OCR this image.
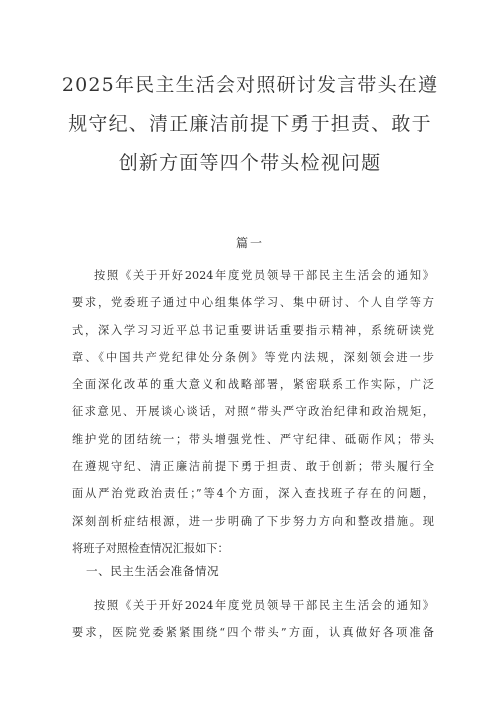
2025年民主生活会对照研讨发言带头在遵
规守纪、清正廉洁前提下勇于担责、敢于
创新方面等四个带头检视问题
篇一
按照《关于开好2024年度党员领导干部民主生活会的通知》
要求，党委班子通过中心组集体学习、集中研讨、个人自学等方
式，深入学习习近平总书记重要讲话重要指示精神，系统研读党
章、《中国共产党纪律处分条例》等党内法规，深刻领会进一步
全面深化改革的重大意义和战略部署，紧密联系工作实际，广泛
征求意见、开展谈心谈话，对照“带头严守政治纪律和政治规矩，
维护党的团结统一；带头增强党性、严守纪律、砥砺作风；带头
在遵规守纪、清正廉洁前提下勇于担责、敢于创新；带头履行全
面从严治党政治责任；”等4个方面，深入查找班子存在的问题，
深刻剖析症结根源，进一步明确了下步努力方向和整改措施。现
将班子对照检查情况汇报如下：
一、民主生活会准备情况
按照《关于开好2024年度党员领导干部民主生活会的通知》
要求，医院党委紧紧围绕“四个带头”方面，认真做好各项准备
